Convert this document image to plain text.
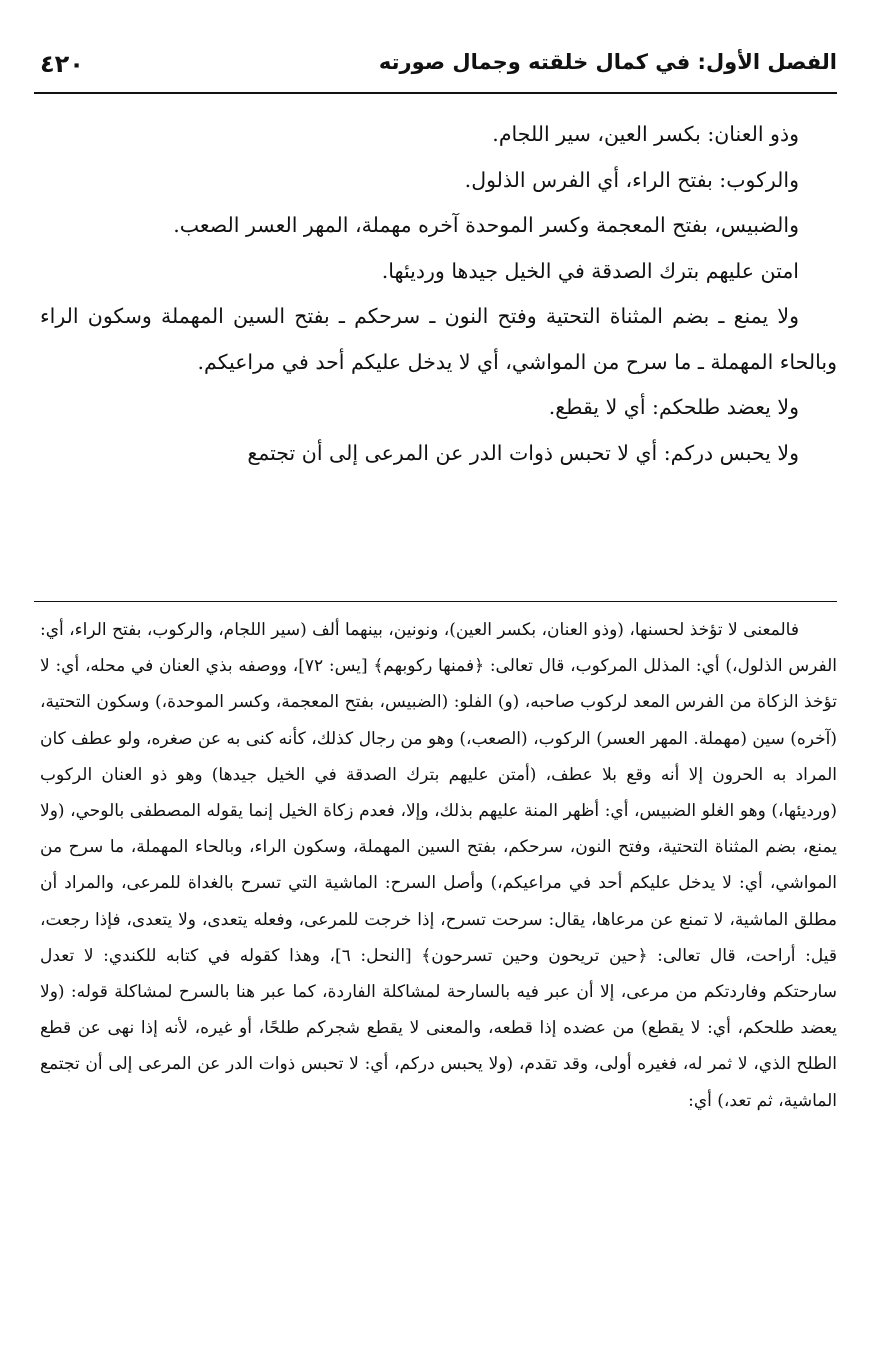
الفصل الأول: في كمال خلقته وجمال صورته
٤٢٠

وذو العنان: بكسر العين، سير اللجام.

والركوب: بفتح الراء، أي الفرس الذلول.

والضبيس، بفتح المعجمة وكسر الموحدة آخره مهملة، المهر العسر الصعب.

امتن عليهم بترك الصدقة في الخيل جيدها ورديئها.

ولا يمنع ـ بضم المثناة التحتية وفتح النون ـ سرحكم ـ بفتح السين المهملة وسكون الراء وبالحاء المهملة ـ ما سرح من المواشي، أي لا يدخل عليكم أحد في مراعيكم.

ولا يعضد طلحكم: أي لا يقطع.

ولا يحبس دركم: أي لا تحبس ذوات الدر عن المرعى إلى أن تجتمع

فالمعنى لا تؤخذ لحسنها، (وذو العنان، بكسر العين)، ونونين، بينهما ألف (سير اللجام، والركوب، بفتح الراء، أي: الفرس الذلول،) أي: المذلل المركوب، قال تعالى: ﴿فمنها ركوبهم﴾ [يس: ٧٢]، ووصفه بذي العنان في محله، أي: لا تؤخذ الزكاة من الفرس المعد لركوب صاحبه، (و) الفلو: (الضبيس، بفتح المعجمة، وكسر الموحدة،) وسكون التحتية، (آخره) سين (مهملة. المهر العسر) الركوب، (الصعب،) وهو من رجال كذلك، كأنه كنى به عن صغره، ولو عطف كان المراد به الحرون إلا أنه وقع بلا عطف، (أمتن عليهم بترك الصدقة في الخيل جيدها) وهو ذو العنان الركوب (ورديئها،) وهو الغلو الضبيس، أي: أظهر المنة عليهم بذلك، وإلا، فعدم زكاة الخيل إنما يقوله المصطفى بالوحي، (ولا يمنع، بضم المثناة التحتية، وفتح النون، سرحكم، بفتح السين المهملة، وسكون الراء، وبالحاء المهملة، ما سرح من المواشي، أي: لا يدخل عليكم أحد في مراعيكم،) وأصل السرح: الماشية التي تسرح بالغداة للمرعى، والمراد أن مطلق الماشية، لا تمنع عن مرعاها، يقال: سرحت تسرح، إذا خرجت للمرعى، وفعله يتعدى، ولا يتعدى، فإذا رجعت، قيل: أراحت، قال تعالى: ﴿حين تريحون وحين تسرحون﴾ [النحل: ٦]، وهذا كقوله في كتابه للكندي: لا تعدل سارحتكم وفاردتكم من مرعى، إلا أن عبر فيه بالسارحة لمشاكلة الفاردة، كما عبر هنا بالسرح لمشاكلة قوله: (ولا يعضد طلحكم، أي: لا يقطع) من عضده إذا قطعه، والمعنى لا يقطع شجركم طلحًا، أو غيره، لأنه إذا نهى عن قطع الطلح الذي، لا ثمر له، فغيره أولى، وقد تقدم، (ولا يحبس دركم، أي: لا تحبس ذوات الدر عن المرعى إلى أن تجتمع الماشية، ثم تعد،) أي:
